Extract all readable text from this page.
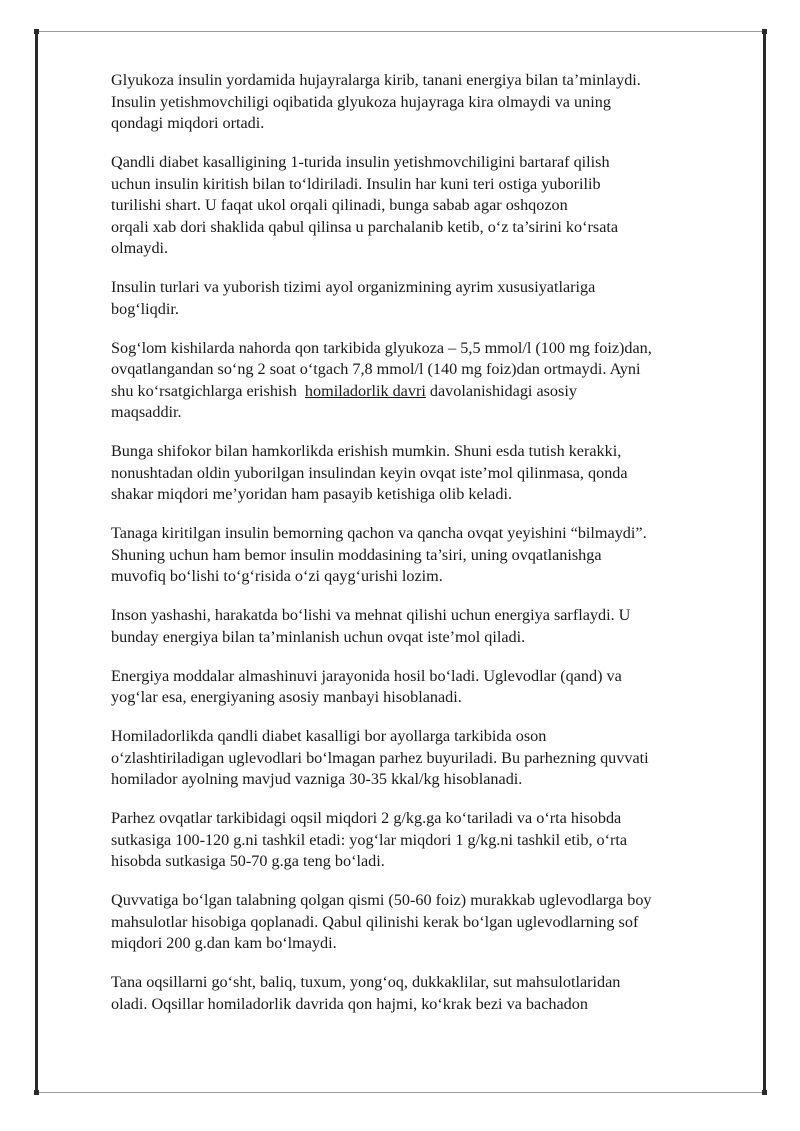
Glyukoza insulin yordamida hujayralarga kirib, tanani energiya bilan ta’minlaydi.
Insulin yetishmovchiligi oqibatida glyukoza hujayraga kira olmaydi va uning
qondagi miqdori ortadi.

Qandli diabet kasalligining 1-turida insulin yetishmovchiligini bartaraf qilish
uchun insulin kiritish bilan to‘ldiriladi. Insulin har kuni teri ostiga yuborilib
turilishi shart. U faqat ukol orqali qilinadi, bunga sabab agar oshqozon
orqali xab dori shaklida qabul qilinsa u parchalanib ketib, o‘z ta’sirini ko‘rsata
olmaydi.

Insulin turlari va yuborish tizimi ayol organizmining ayrim xususiyatlariga
bog‘liqdir.

Sog‘lom kishilarda nahorda qon tarkibida glyukoza – 5,5 mmol/l (100 mg foiz)dan,
ovqatlangandan so‘ng 2 soat o‘tgach 7,8 mmol/l (140 mg foiz)dan ortmaydi. Ayni
shu ko‘rsatgichlarga erishish  homiladorlik davri davolanishidagi asosiy
maqsaddir.

Bunga shifokor bilan hamkorlikda erishish mumkin. Shuni esda tutish kerakki,
nonushtadan oldin yuborilgan insulindan keyin ovqat iste’mol qilinmasa, qonda
shakar miqdori me’yoridan ham pasayib ketishiga olib keladi.

Tanaga kiritilgan insulin bemorning qachon va qancha ovqat yeyishini “bilmaydi”.
Shuning uchun ham bemor insulin moddasining ta’siri, uning ovqatlanishga
muvofiq bo‘lishi to‘g‘risida o‘zi qayg‘urishi lozim.

Inson yashashi, harakatda bo‘lishi va mehnat qilishi uchun energiya sarflaydi. U
bunday energiya bilan ta’minlanish uchun ovqat iste’mol qiladi.

Energiya moddalar almashinuvi jarayonida hosil bo‘ladi. Uglevodlar (qand) va
yog‘lar esa, energiyaning asosiy manbayi hisoblanadi.

Homiladorlikda qandli diabet kasalligi bor ayollarga tarkibida oson
o‘zlashtiriladigan uglevodlari bo‘lmagan parhez buyuriladi. Bu parhezning quvvati
homilador ayolning mavjud vazniga 30-35 kkal/kg hisoblanadi.

Parhez ovqatlar tarkibidagi oqsil miqdori 2 g/kg.ga ko‘tariladi va o‘rta hisobda
sutkasiga 100-120 g.ni tashkil etadi: yog‘lar miqdori 1 g/kg.ni tashkil etib, o‘rta
hisobda sutkasiga 50-70 g.ga teng bo‘ladi.

Quvvatiga bo‘lgan talabning qolgan qismi (50-60 foiz) murakkab uglevodlarga boy
mahsulotlar hisobiga qoplanadi. Qabul qilinishi kerak bo‘lgan uglevodlarning sof
miqdori 200 g.dan kam bo‘lmaydi.

Tana oqsillarni go‘sht, baliq, tuxum, yong‘oq, dukkaklilar, sut mahsulotlaridan
oladi. Oqsillar homiladorlik davrida qon hajmi, ko‘krak bezi va bachadon
